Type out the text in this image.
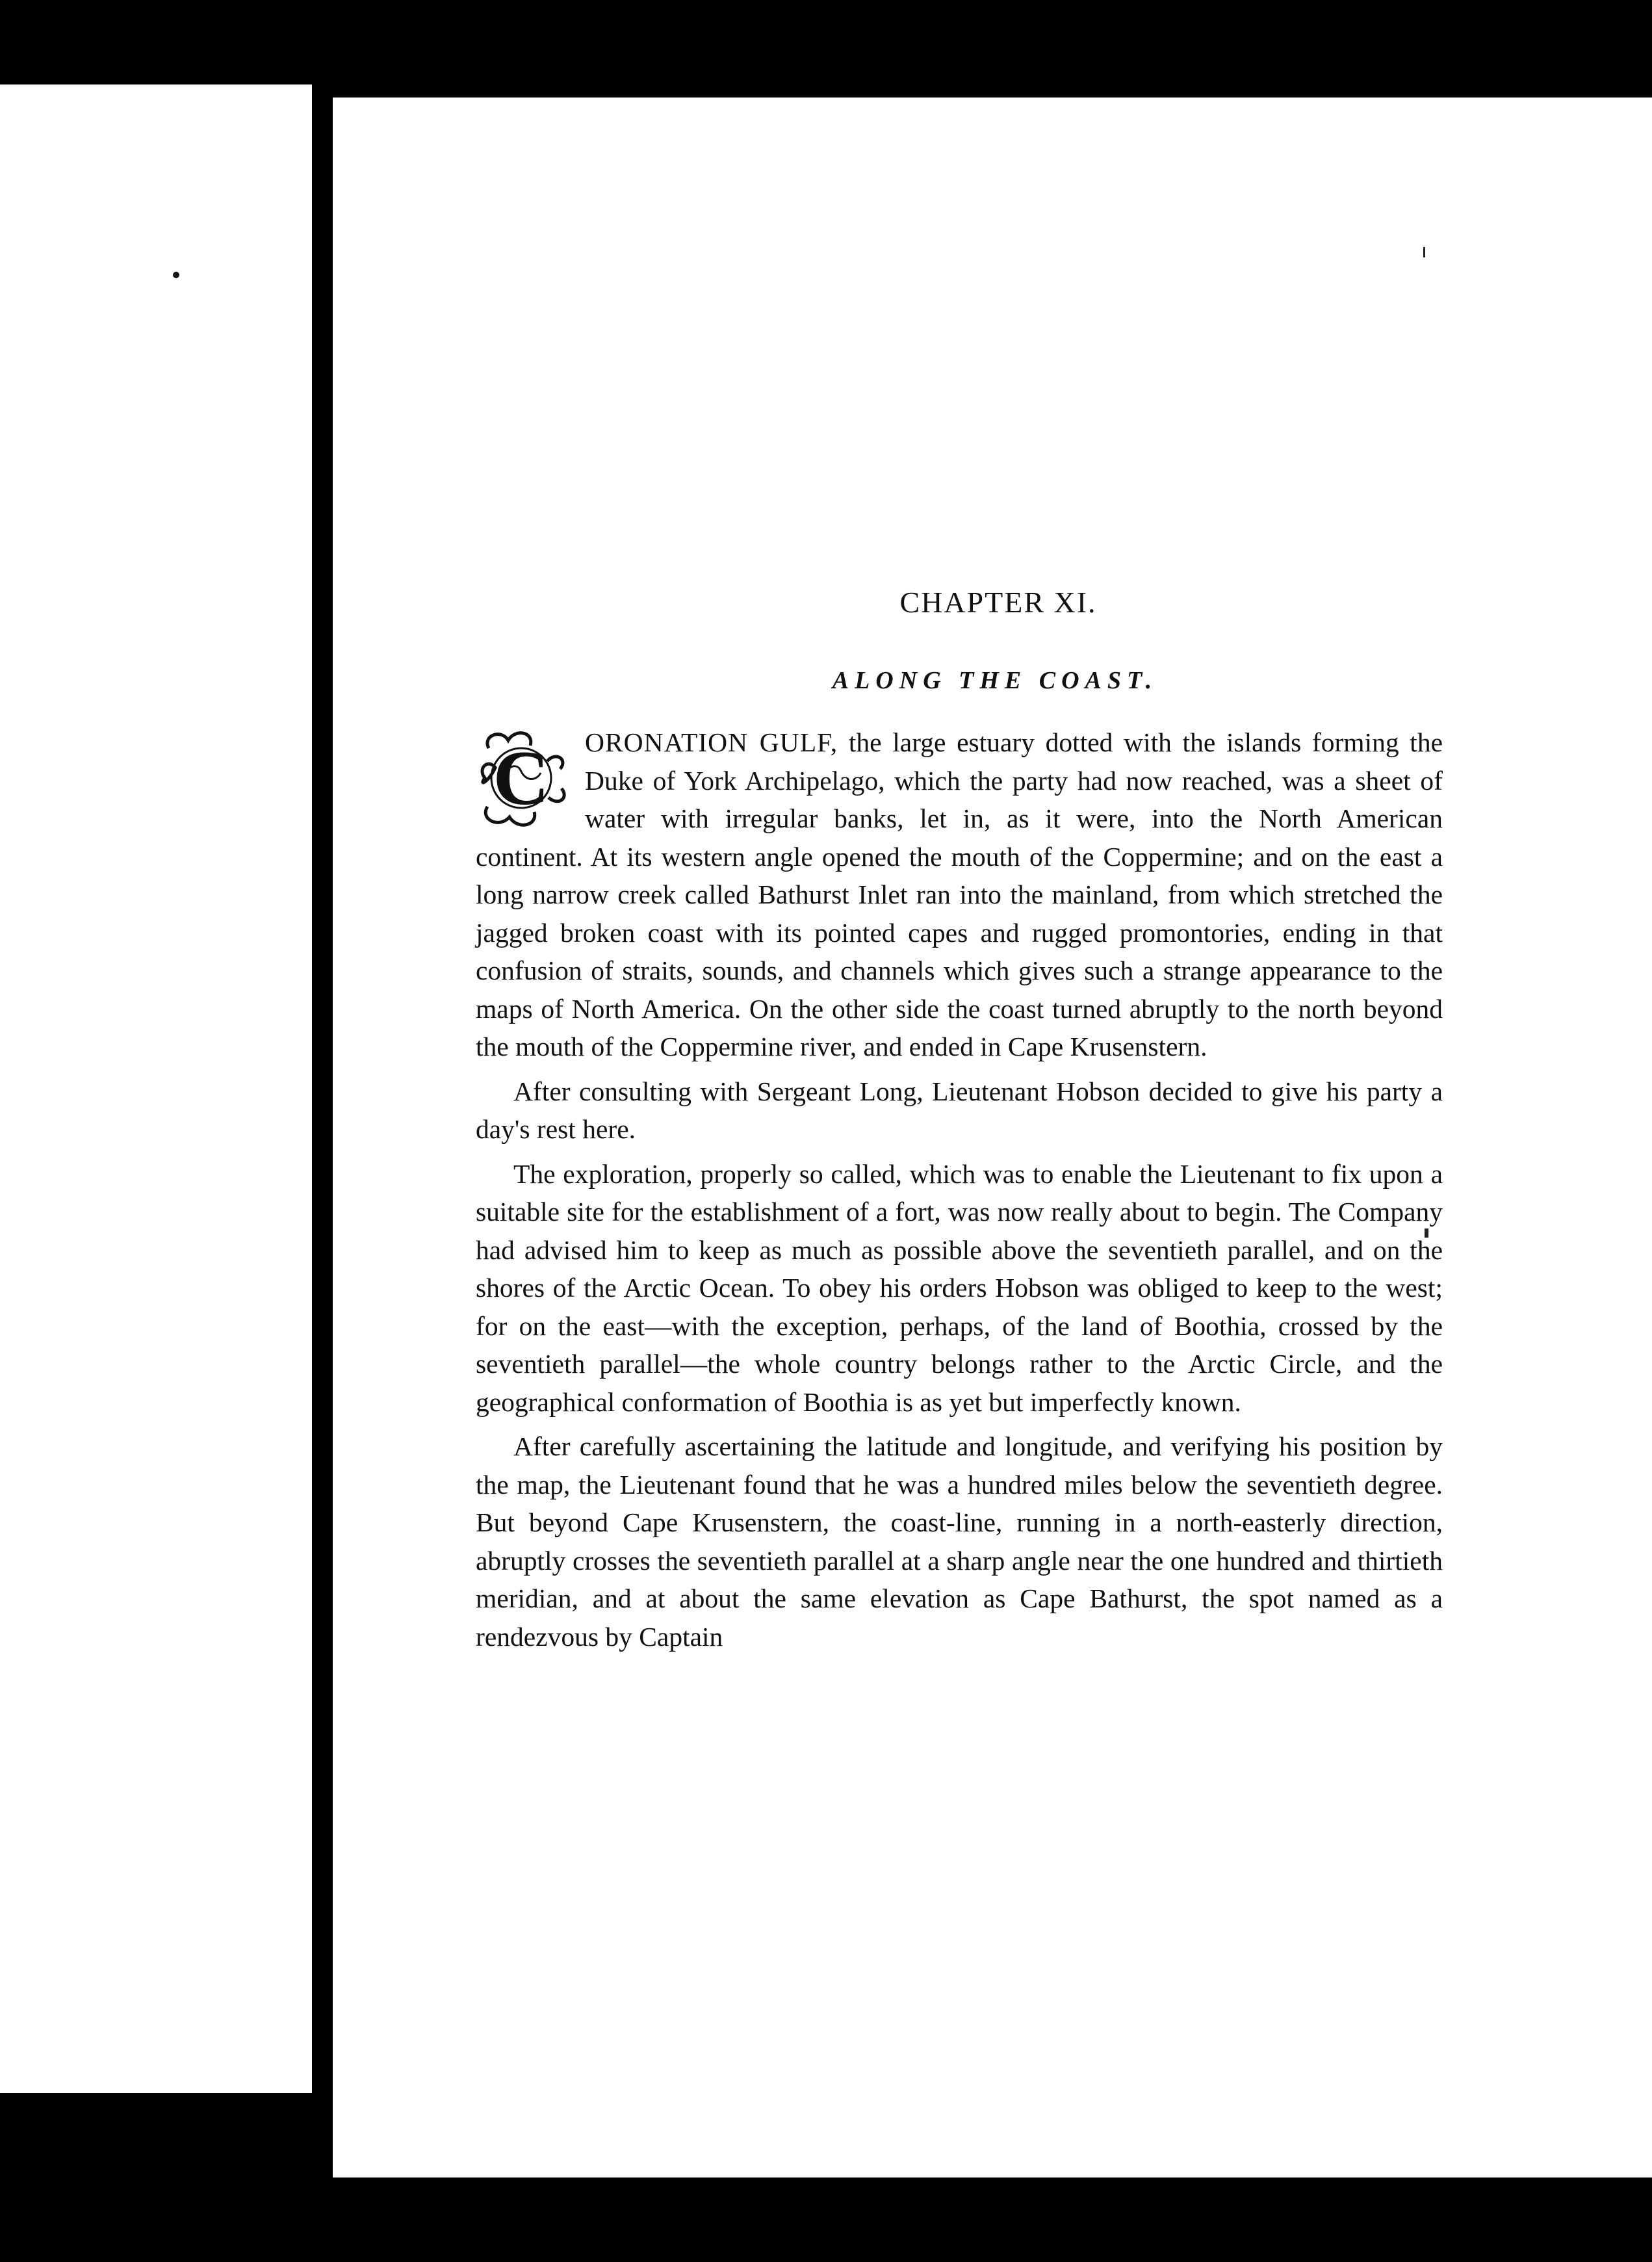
CHAPTER XI.
ALONG THE COAST.

C ORONATION GULF, the large estuary dotted with the islands forming the Duke of York Archipelago, which the party had now reached, was a sheet of water with irregular banks, let in, as it were, into the North American continent. At its western angle opened the mouth of the Coppermine; and on the east a long narrow creek called Bathurst Inlet ran into the mainland, from which stretched the jagged broken coast with its pointed capes and rugged promontories, ending in that confusion of straits, sounds, and channels which gives such a strange appearance to the maps of North America. On the other side the coast turned abruptly to the north beyond the mouth of the Coppermine river, and ended in Cape Krusenstern.

After consulting with Sergeant Long, Lieutenant Hobson decided to give his party a day's rest here.

The exploration, properly so called, which was to enable the Lieutenant to fix upon a suitable site for the establishment of a fort, was now really about to begin. The Company had advised him to keep as much as possible above the seventieth parallel, and on the shores of the Arctic Ocean. To obey his orders Hobson was obliged to keep to the west; for on the east—with the exception, perhaps, of the land of Boothia, crossed by the seventieth parallel—the whole country belongs rather to the Arctic Circle, and the geographical conformation of Boothia is as yet but imperfectly known.

After carefully ascertaining the latitude and longitude, and verifying his position by the map, the Lieutenant found that he was a hundred miles below the seventieth degree. But beyond Cape Krusenstern, the coast-line, running in a north-easterly direction, abruptly crosses the seventieth parallel at a sharp angle near the one hundred and thirtieth meridian, and at about the same elevation as Cape Bathurst, the spot named as a rendezvous by Captain
